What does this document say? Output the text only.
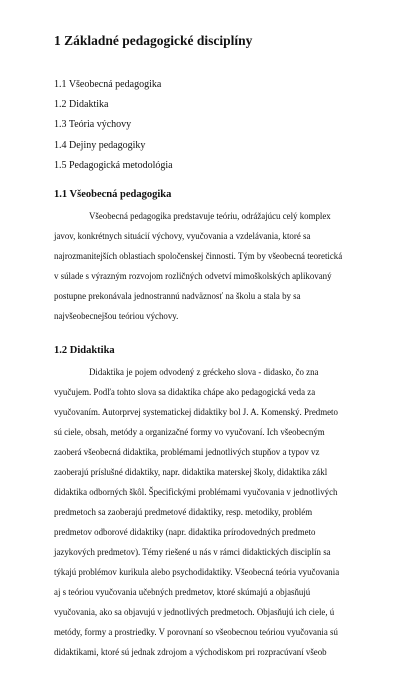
1 Základné pedagogické disciplíny
1.1 Všeobecná pedagogika
1.2 Didaktika
1.3 Teória výchovy
1.4 Dejiny pedagogiky
1.5 Pedagogická metodológia
1.1 Všeobecná pedagogika
Všeobecná pedagogika predstavuje teóriu, odrážajúcu celý komplex
javov, konkrétnych situácií výchovy, vyučovania a vzdelávania, ktoré sa
najrozmanitejších oblastiach spoločenskej činnosti. Tým by všeobecná teoretická
v súlade s výrazným rozvojom rozličných odvetví mimoškolských aplikovaný
postupne prekonávala jednostrannú nadväznosť na školu a stala by sa
najvšeobecnejšou teóriou výchovy.
1.2 Didaktika
Didaktika je pojem odvodený z gréckeho slova - didasko, čo zna
vyučujem. Podľa tohto slova sa didaktika chápe ako pedagogická veda za
vyučovaním. Autorprvej systematickej didaktiky bol J. A. Komenský. Predmeto
sú ciele, obsah, metódy a organizačné formy vo vyučovaní. Ich všeobecným
zaoberá všeobecná didaktika, problémami jednotlivých stupňov a typov vz
zaoberajú príslušné didaktiky, napr. didaktika materskej školy, didaktika zákl
didaktika odborných škôl. Špecifickými problémami vyučovania v jednotlivých
predmetoch sa zaoberajú predmetové didaktiky, resp. metodiky, problém
predmetov odborové didaktiky (napr. didaktika prírodovedných predmeto
jazykových predmetov). Témy riešené u nás v rámci didaktických disciplín sa
týkajú problémov kurikula alebo psychodidaktiky. Všeobecná teória vyučovania
aj s teóriou vyučovania učebných predmetov, ktoré skúmajú a objasňujú
vyučovania, ako sa objavujú v jednotlivých predmetoch. Objasňujú ich ciele, ú
metódy, formy a prostriedky. V porovnaní so všeobecnou teóriou vyučovania sú
didaktikami, ktoré sú jednak zdrojom a východiskom pri rozpracúvaní všeob
